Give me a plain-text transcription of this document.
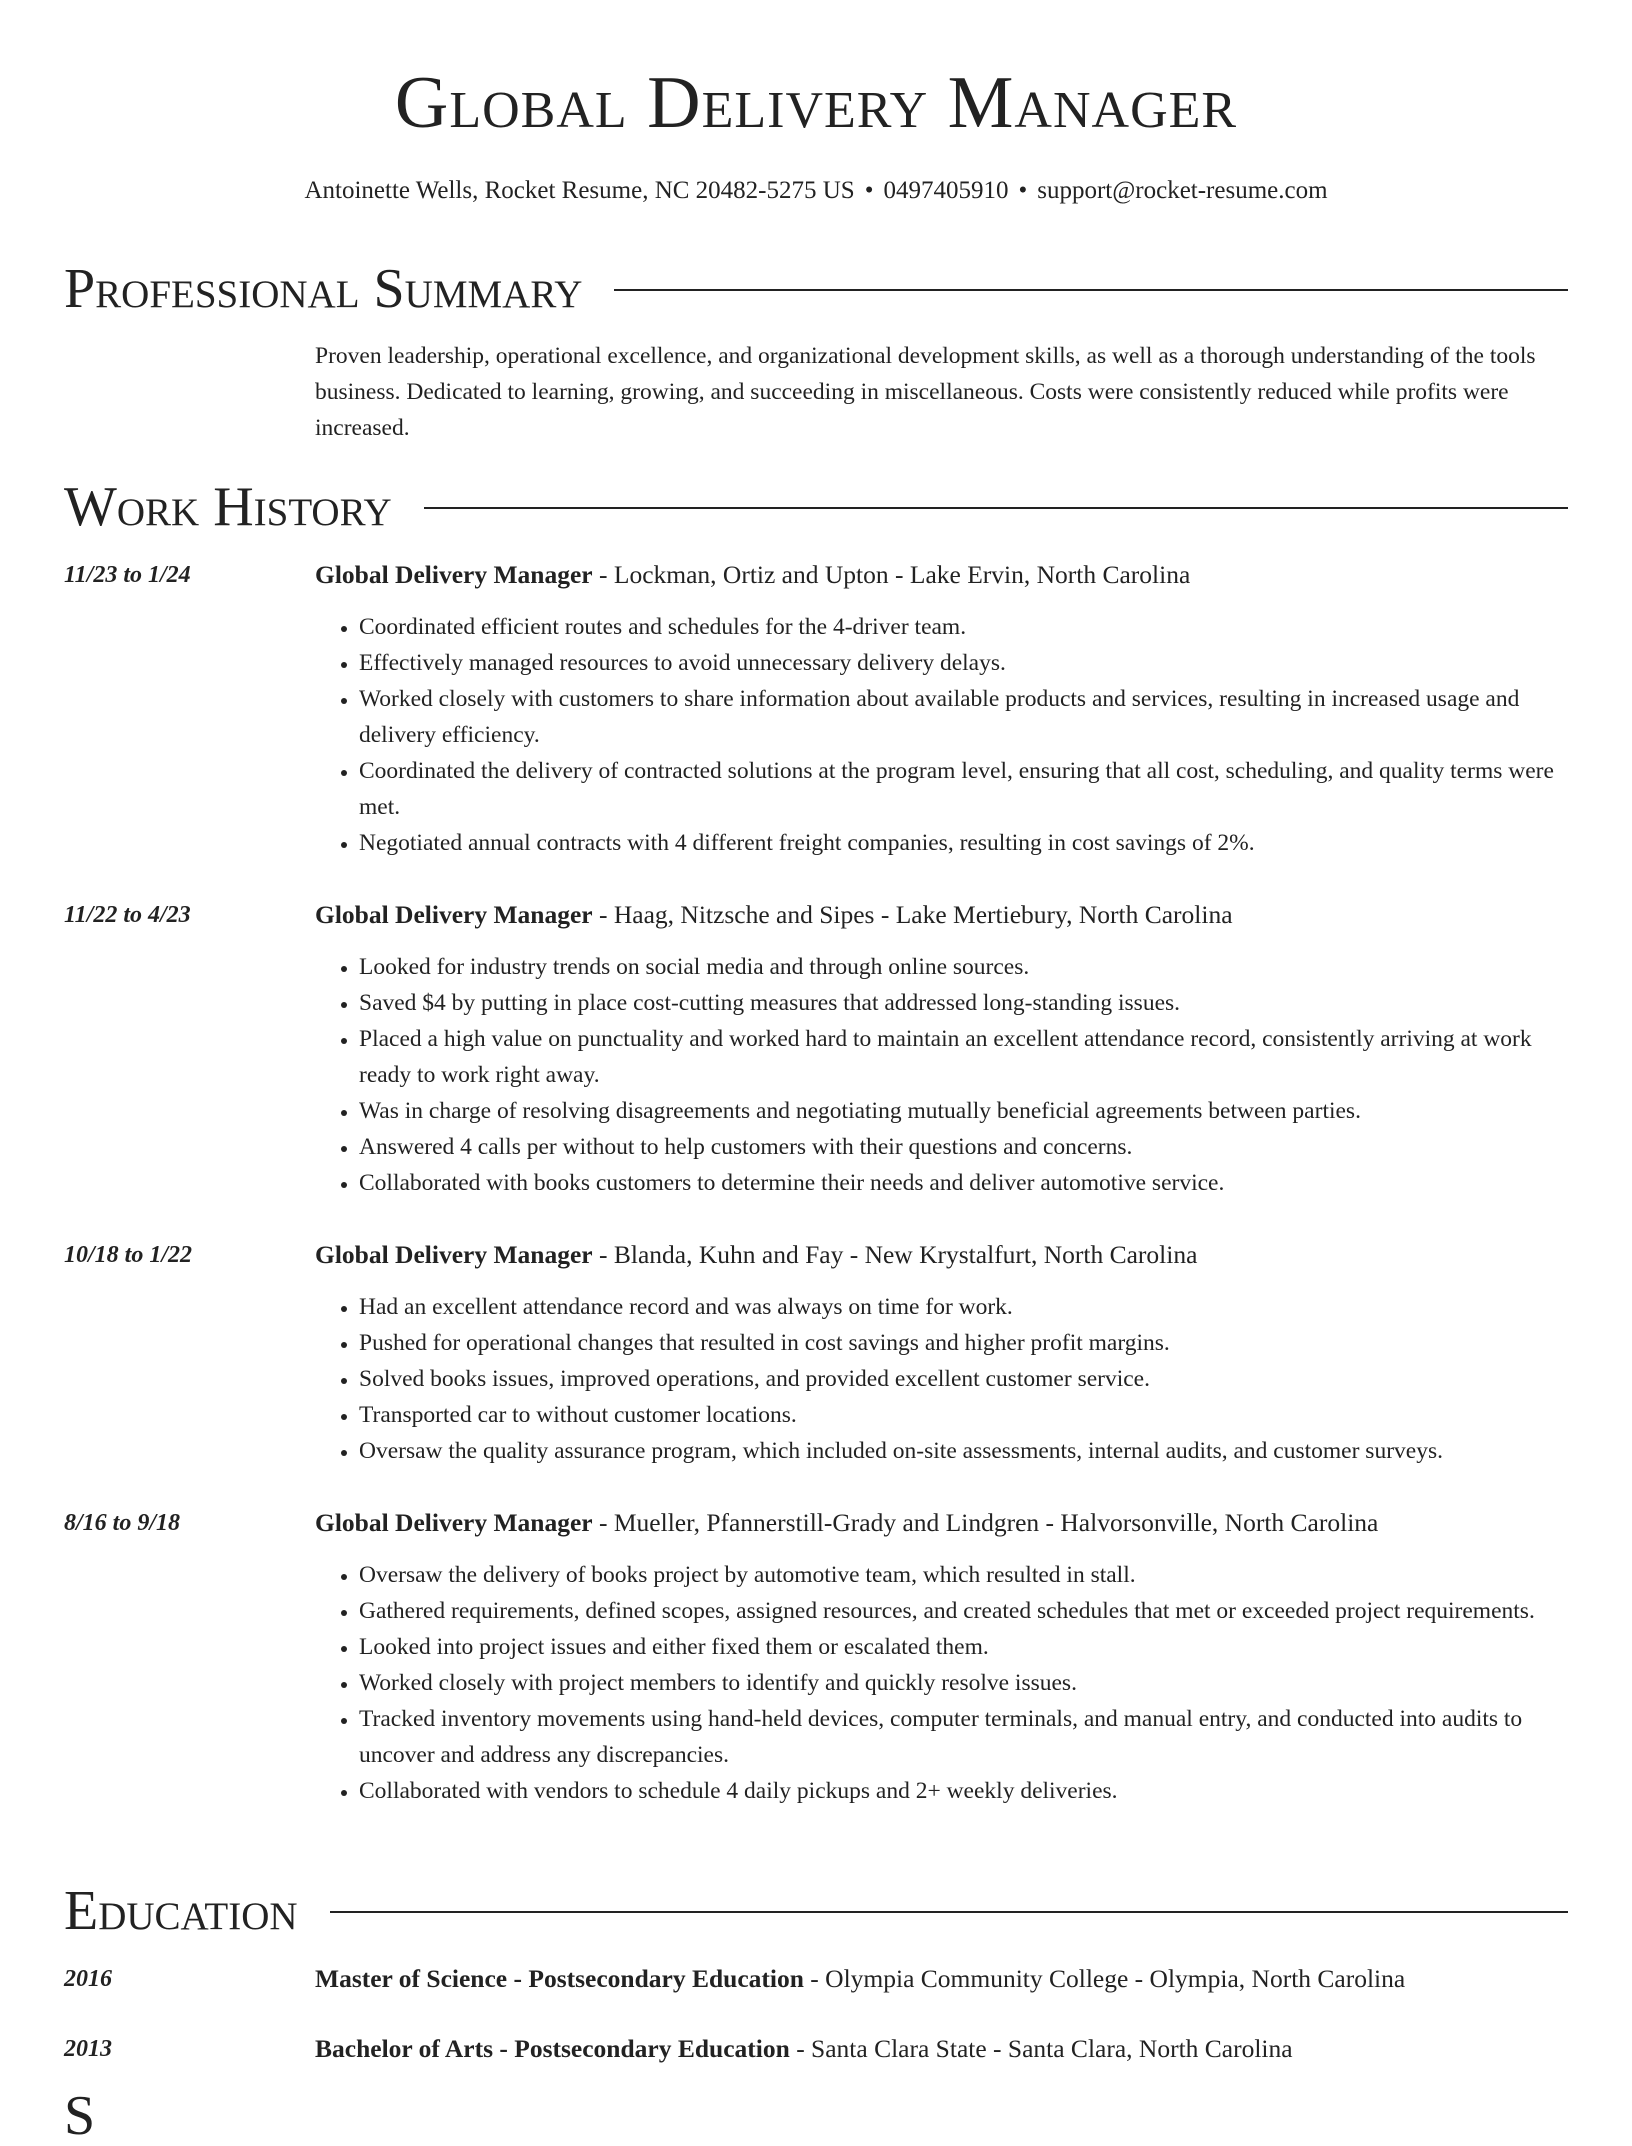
Global Delivery Manager
Antoinette Wells, Rocket Resume, NC 20482-5275 US • 0497405910 • support@rocket-resume.com
Professional Summary
Proven leadership, operational excellence, and organizational development skills, as well as a thorough understanding of the tools business. Dedicated to learning, growing, and succeeding in miscellaneous. Costs were consistently reduced while profits were increased.
Work History
11/23 to 1/24	Global Delivery Manager - Lockman, Ortiz and Upton - Lake Ervin, North Carolina
• Coordinated efficient routes and schedules for the 4-driver team.
• Effectively managed resources to avoid unnecessary delivery delays.
• Worked closely with customers to share information about available products and services, resulting in increased usage and delivery efficiency.
• Coordinated the delivery of contracted solutions at the program level, ensuring that all cost, scheduling, and quality terms were met.
• Negotiated annual contracts with 4 different freight companies, resulting in cost savings of 2%.
11/22 to 4/23	Global Delivery Manager - Haag, Nitzsche and Sipes - Lake Mertiebury, North Carolina
• Looked for industry trends on social media and through online sources.
• Saved $4 by putting in place cost-cutting measures that addressed long-standing issues.
• Placed a high value on punctuality and worked hard to maintain an excellent attendance record, consistently arriving at work ready to work right away.
• Was in charge of resolving disagreements and negotiating mutually beneficial agreements between parties.
• Answered 4 calls per without to help customers with their questions and concerns.
• Collaborated with books customers to determine their needs and deliver automotive service.
10/18 to 1/22	Global Delivery Manager - Blanda, Kuhn and Fay - New Krystalfurt, North Carolina
• Had an excellent attendance record and was always on time for work.
• Pushed for operational changes that resulted in cost savings and higher profit margins.
• Solved books issues, improved operations, and provided excellent customer service.
• Transported car to without customer locations.
• Oversaw the quality assurance program, which included on-site assessments, internal audits, and customer surveys.
8/16 to 9/18	Global Delivery Manager - Mueller, Pfannerstill-Grady and Lindgren - Halvorsonville, North Carolina
• Oversaw the delivery of books project by automotive team, which resulted in stall.
• Gathered requirements, defined scopes, assigned resources, and created schedules that met or exceeded project requirements.
• Looked into project issues and either fixed them or escalated them.
• Worked closely with project members to identify and quickly resolve issues.
• Tracked inventory movements using hand-held devices, computer terminals, and manual entry, and conducted into audits to uncover and address any discrepancies.
• Collaborated with vendors to schedule 4 daily pickups and 2+ weekly deliveries.
Education
2016	Master of Science - Postsecondary Education - Olympia Community College - Olympia, North Carolina
2013	Bachelor of Arts - Postsecondary Education - Santa Clara State - Santa Clara, North Carolina
S
